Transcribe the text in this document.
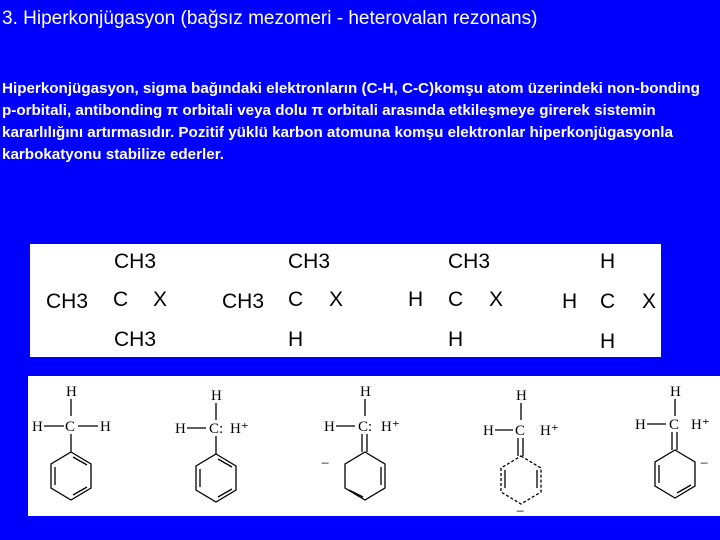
3. Hiperkonjügasyon (bağsız mezomeri - heterovalan rezonans)
Hiperkonjügasyon, sigma bağındaki elektronların (C-H, C-C)komşu atom üzerindeki non-bonding p-orbitali, antibonding π orbitali veya dolu π orbitali arasında etkileşmeye girerek sistemin kararlılığını artırmasıdır. Pozitif yüklü karbon atomuna komşu elektronlar hiperkonjügasyonla karbokatyonu stabilize ederler.
CH3
CH3 C X
CH3
CH3
CH3 C X
H
CH3
H C X
H
H
H C X
H
H
H C H
H
H C: H⁺
H
H C: H⁺
−
H
H C H⁺
−
H
H C H⁺
−
